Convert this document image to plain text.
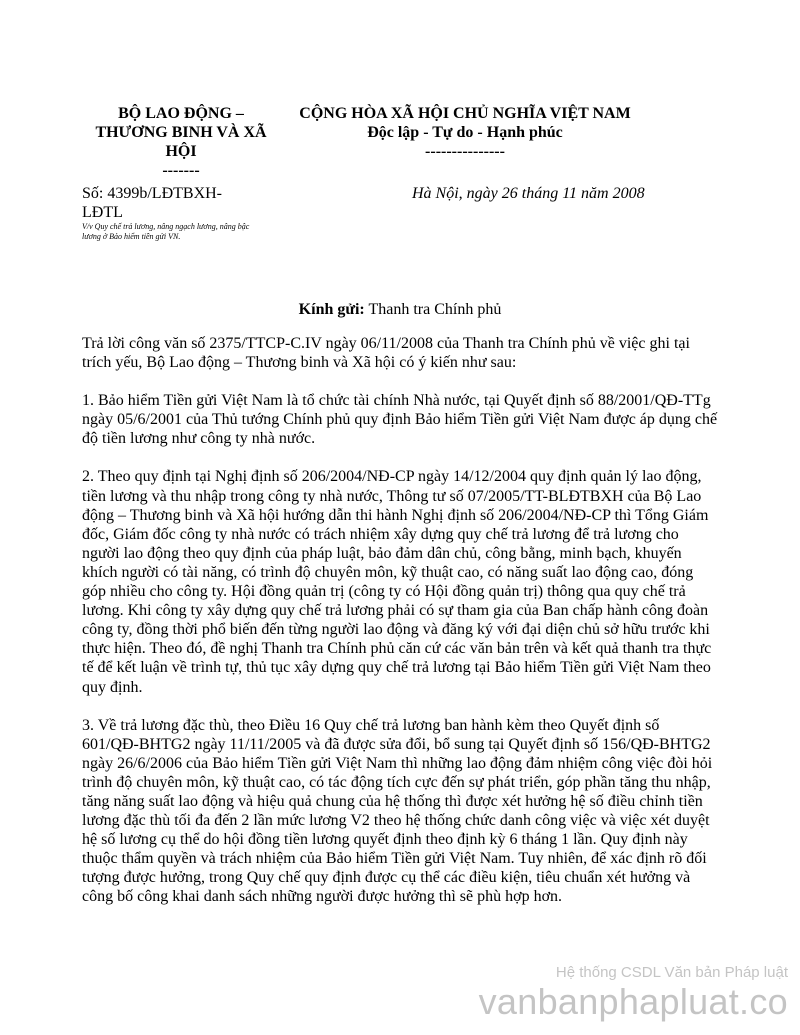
BỘ LAO ĐỘNG –
THƯƠNG BINH VÀ XÃ
HỘI
-------
CỘNG HÒA XÃ HỘI CHỦ NGHĨA VIỆT NAM
Độc lập - Tự do - Hạnh phúc
---------------
Số: 4399b/LĐTBXH-
LĐTL
V/v Quy chế trả lương, nâng ngạch lương, nâng bậc lương ở Bảo hiểm tiền gửi VN.
Hà Nội, ngày 26 tháng 11 năm 2008
Kính gửi: Thanh tra Chính phủ

Trả lời công văn số 2375/TTCP-C.IV ngày 06/11/2008 của Thanh tra Chính phủ về việc ghi tại trích yếu, Bộ Lao động – Thương binh và Xã hội có ý kiến như sau:

1. Bảo hiểm Tiền gửi Việt Nam là tổ chức tài chính Nhà nước, tại Quyết định số 88/2001/QĐ-TTg ngày 05/6/2001 của Thủ tướng Chính phủ quy định Bảo hiểm Tiền gửi Việt Nam được áp dụng chế độ tiền lương như công ty nhà nước.

2. Theo quy định tại Nghị định số 206/2004/NĐ-CP ngày 14/12/2004 quy định quản lý lao động, tiền lương và thu nhập trong công ty nhà nước, Thông tư số 07/2005/TT-BLĐTBXH của Bộ Lao động – Thương binh và Xã hội hướng dẫn thi hành Nghị định số 206/2004/NĐ-CP thì Tổng Giám đốc, Giám đốc công ty nhà nước có trách nhiệm xây dựng quy chế trả lương để trả lương cho người lao động theo quy định của pháp luật, bảo đảm dân chủ, công bằng, minh bạch, khuyến khích người có tài năng, có trình độ chuyên môn, kỹ thuật cao, có năng suất lao động cao, đóng góp nhiều cho công ty. Hội đồng quản trị (công ty có Hội đồng quản trị) thông qua quy chế trả lương. Khi công ty xây dựng quy chế trả lương phải có sự tham gia của Ban chấp hành công đoàn công ty, đồng thời phổ biến đến từng người lao động và đăng ký với đại diện chủ sở hữu trước khi thực hiện. Theo đó, đề nghị Thanh tra Chính phủ căn cứ các văn bản trên và kết quả thanh tra thực tế để kết luận về trình tự, thủ tục xây dựng quy chế trả lương tại Bảo hiểm Tiền gửi Việt Nam theo quy định.

3. Về trả lương đặc thù, theo Điều 16 Quy chế trả lương ban hành kèm theo Quyết định số 601/QĐ-BHTG2 ngày 11/11/2005 và đã được sửa đổi, bổ sung tại Quyết định số 156/QĐ-BHTG2 ngày 26/6/2006 của Bảo hiểm Tiền gửi Việt Nam thì những lao động đảm nhiệm công việc đòi hỏi trình độ chuyên môn, kỹ thuật cao, có tác động tích cực đến sự phát triển, góp phần tăng thu nhập, tăng năng suất lao động và hiệu quả chung của hệ thống thì được xét hưởng hệ số điều chỉnh tiền lương đặc thù tối đa đến 2 lần mức lương V2 theo hệ thống chức danh công việc và việc xét duyệt hệ số lương cụ thể do hội đồng tiền lương quyết định theo định kỳ 6 tháng 1 lần. Quy định này thuộc thẩm quyền và trách nhiệm của Bảo hiểm Tiền gửi Việt Nam. Tuy nhiên, để xác định rõ đối tượng được hưởng, trong Quy chế quy định được cụ thể các điều kiện, tiêu chuẩn xét hưởng và công bố công khai danh sách những người được hưởng thì sẽ phù hợp hơn.

Hệ thống CSDL Văn bản Pháp luật
vanbanphapluat.co
